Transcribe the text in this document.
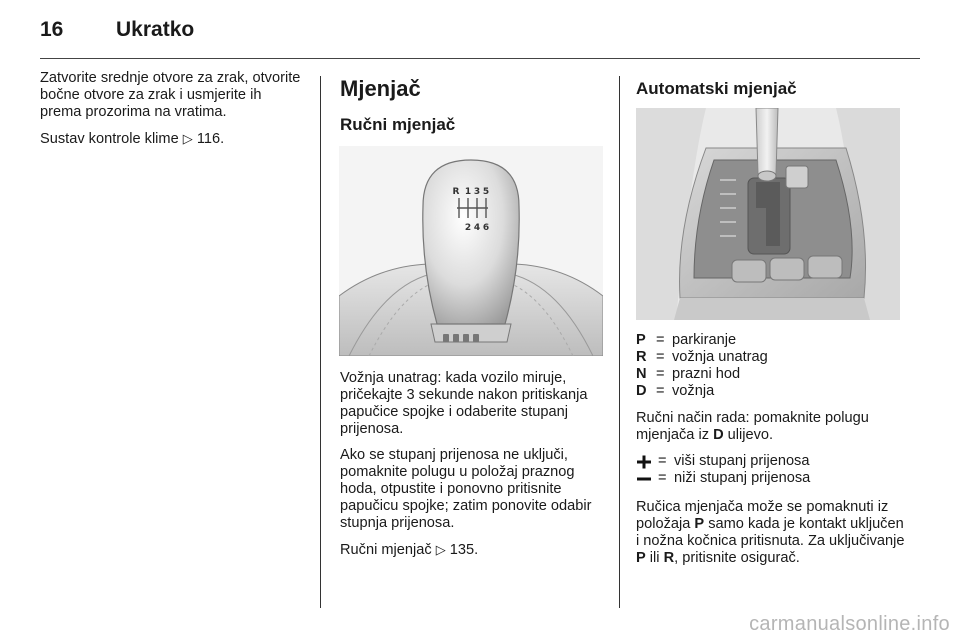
16	Ukratko

Zatvorite srednje otvore za zrak, otvorite bočne otvore za zrak i usmjerite ih prema prozorima na vratima.

Sustav kontrole klime ▷ 116.

Mjenjač
Ručni mjenjač
R 1 3 5
2 4 6

Vožnja unatrag: kada vozilo miruje, pričekajte 3 sekunde nakon pritiskanja papučice spojke i odaberite stupanj prijenosa.

Ako se stupanj prijenosa ne uključi, pomaknite polugu u položaj praznog hoda, otpustite i ponovno pritisnite papučicu spojke; zatim ponovite odabir stupnja prijenosa.

Ručni mjenjač ▷ 135.

Automatski mjenjač
P = parkiranje
R = vožnja unatrag
N = prazni hod
D = vožnja

Ručni način rada: pomaknite polugu mjenjača iz D ulijevo.

= viši stupanj prijenosa
= niži stupanj prijenosa

Ručica mjenjača može se pomaknuti iz položaja P samo kada je kontakt uključen i nožna kočnica pritisnuta. Za uključivanje P ili R, pritisnite osigurač.

carmanualsonline.info
